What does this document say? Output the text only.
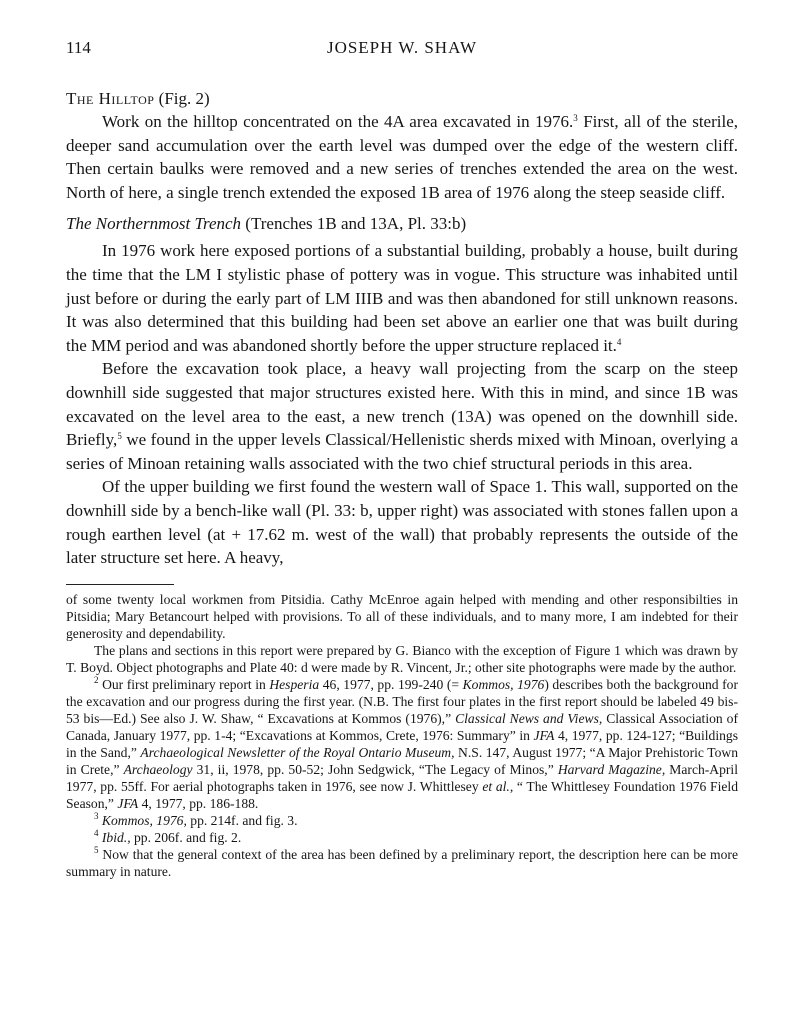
114	JOSEPH W. SHAW
The Hilltop (Fig. 2)

Work on the hilltop concentrated on the 4A area excavated in 1976.$^3$ First, all of the sterile, deeper sand accumulation over the earth level was dumped over the edge of the western cliff. Then certain baulks were removed and a new series of trenches extended the area on the west. North of here, a single trench extended the exposed 1B area of 1976 along the steep seaside cliff.

The Northernmost Trench (Trenches 1B and 13A, Pl. 33:b)

In 1976 work here exposed portions of a substantial building, probably a house, built during the time that the LM I stylistic phase of pottery was in vogue. This structure was inhabited until just before or during the early part of LM IIIB and was then abandoned for still unknown reasons. It was also determined that this building had been set above an earlier one that was built during the MM period and was abandoned shortly before the upper structure replaced it.$^4$

Before the excavation took place, a heavy wall projecting from the scarp on the steep downhill side suggested that major structures existed here. With this in mind, and since 1B was excavated on the level area to the east, a new trench (13A) was opened on the downhill side. Briefly,$^5$ we found in the upper levels Classical/Hellenistic sherds mixed with Minoan, overlying a series of Minoan retaining walls associated with the two chief structural periods in this area.

Of the upper building we first found the western wall of Space 1. This wall, supported on the downhill side by a bench-like wall (Pl. 33: b, upper right) was associated with stones fallen upon a rough earthen level (at + 17.62 m. west of the wall) that probably represents the outside of the later structure set here. A heavy,

of some twenty local workmen from Pitsidia. Cathy McEnroe again helped with mending and other responsibilties in Pitsidia; Mary Betancourt helped with provisions. To all of these individuals, and to many more, I am indebted for their generosity and dependability.

The plans and sections in this report were prepared by G. Bianco with the exception of Figure 1 which was drawn by T. Boyd. Object photographs and Plate 40: d were made by R. Vincent, Jr.; other site photographs were made by the author.

$^2$ Our first preliminary report in Hesperia 46, 1977, pp. 199-240 (= Kommos, 1976) describes both the background for the excavation and our progress during the first year. (N.B. The first four plates in the first report should be labeled 49 bis-53 bis—Ed.) See also J. W. Shaw, “ Excavations at Kommos (1976),” Classical News and Views, Classical Association of Canada, January 1977, pp. 1-4; “Excavations at Kommos, Crete, 1976: Summary” in JFA 4, 1977, pp. 124-127; “Buildings in the Sand,” Archaeological Newsletter of the Royal Ontario Museum, N.S. 147, August 1977; “A Major Prehistoric Town in Crete,” Archaeology 31, ii, 1978, pp. 50-52; John Sedgwick, “The Legacy of Minos,” Harvard Magazine, March-April 1977, pp. 55ff. For aerial photographs taken in 1976, see now J. Whittlesey et al., “ The Whittlesey Foundation 1976 Field Season,” JFA 4, 1977, pp. 186-188.

$^3$ Kommos, 1976, pp. 214f. and fig. 3.

$^4$ Ibid., pp. 206f. and fig. 2.

$^5$ Now that the general context of the area has been defined by a preliminary report, the description here can be more summary in nature.
